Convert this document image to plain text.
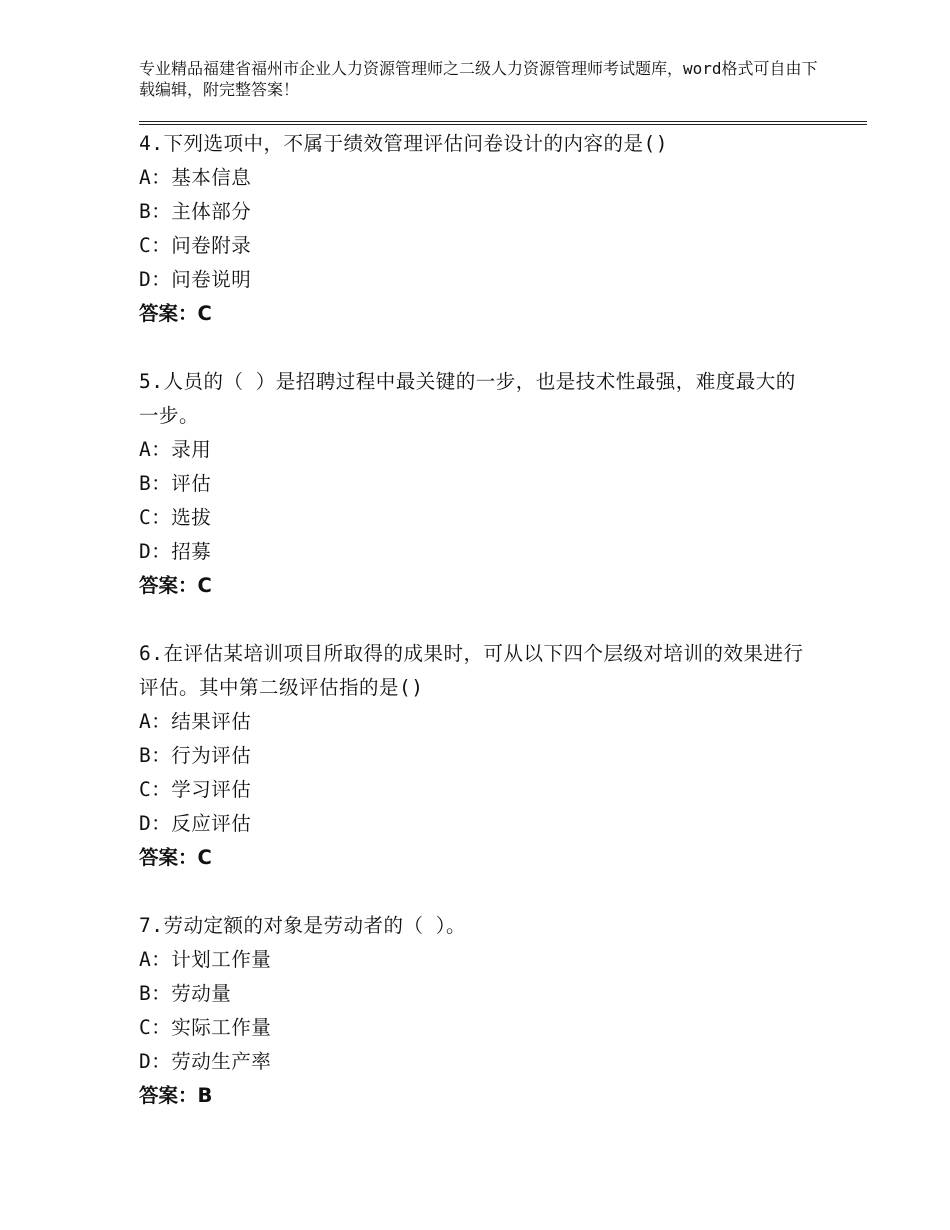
专业精品福建省福州市企业人力资源管理师之二级人力资源管理师考试题库，word格式可自由下载编辑，附完整答案！
4.下列选项中，不属于绩效管理评估问卷设计的内容的是()
A：基本信息
B：主体部分
C：问卷附录
D：问卷说明
答案：C
5.人员的（ ）是招聘过程中最关键的一步，也是技术性最强，难度最大的一步。
A：录用
B：评估
C：选拔
D：招募
答案：C
6.在评估某培训项目所取得的成果时，可从以下四个层级对培训的效果进行评估。其中第二级评估指的是()
A：结果评估
B：行为评估
C：学习评估
D：反应评估
答案：C
7.劳动定额的对象是劳动者的（ ）。
A：计划工作量
B：劳动量
C：实际工作量
D：劳动生产率
答案：B
